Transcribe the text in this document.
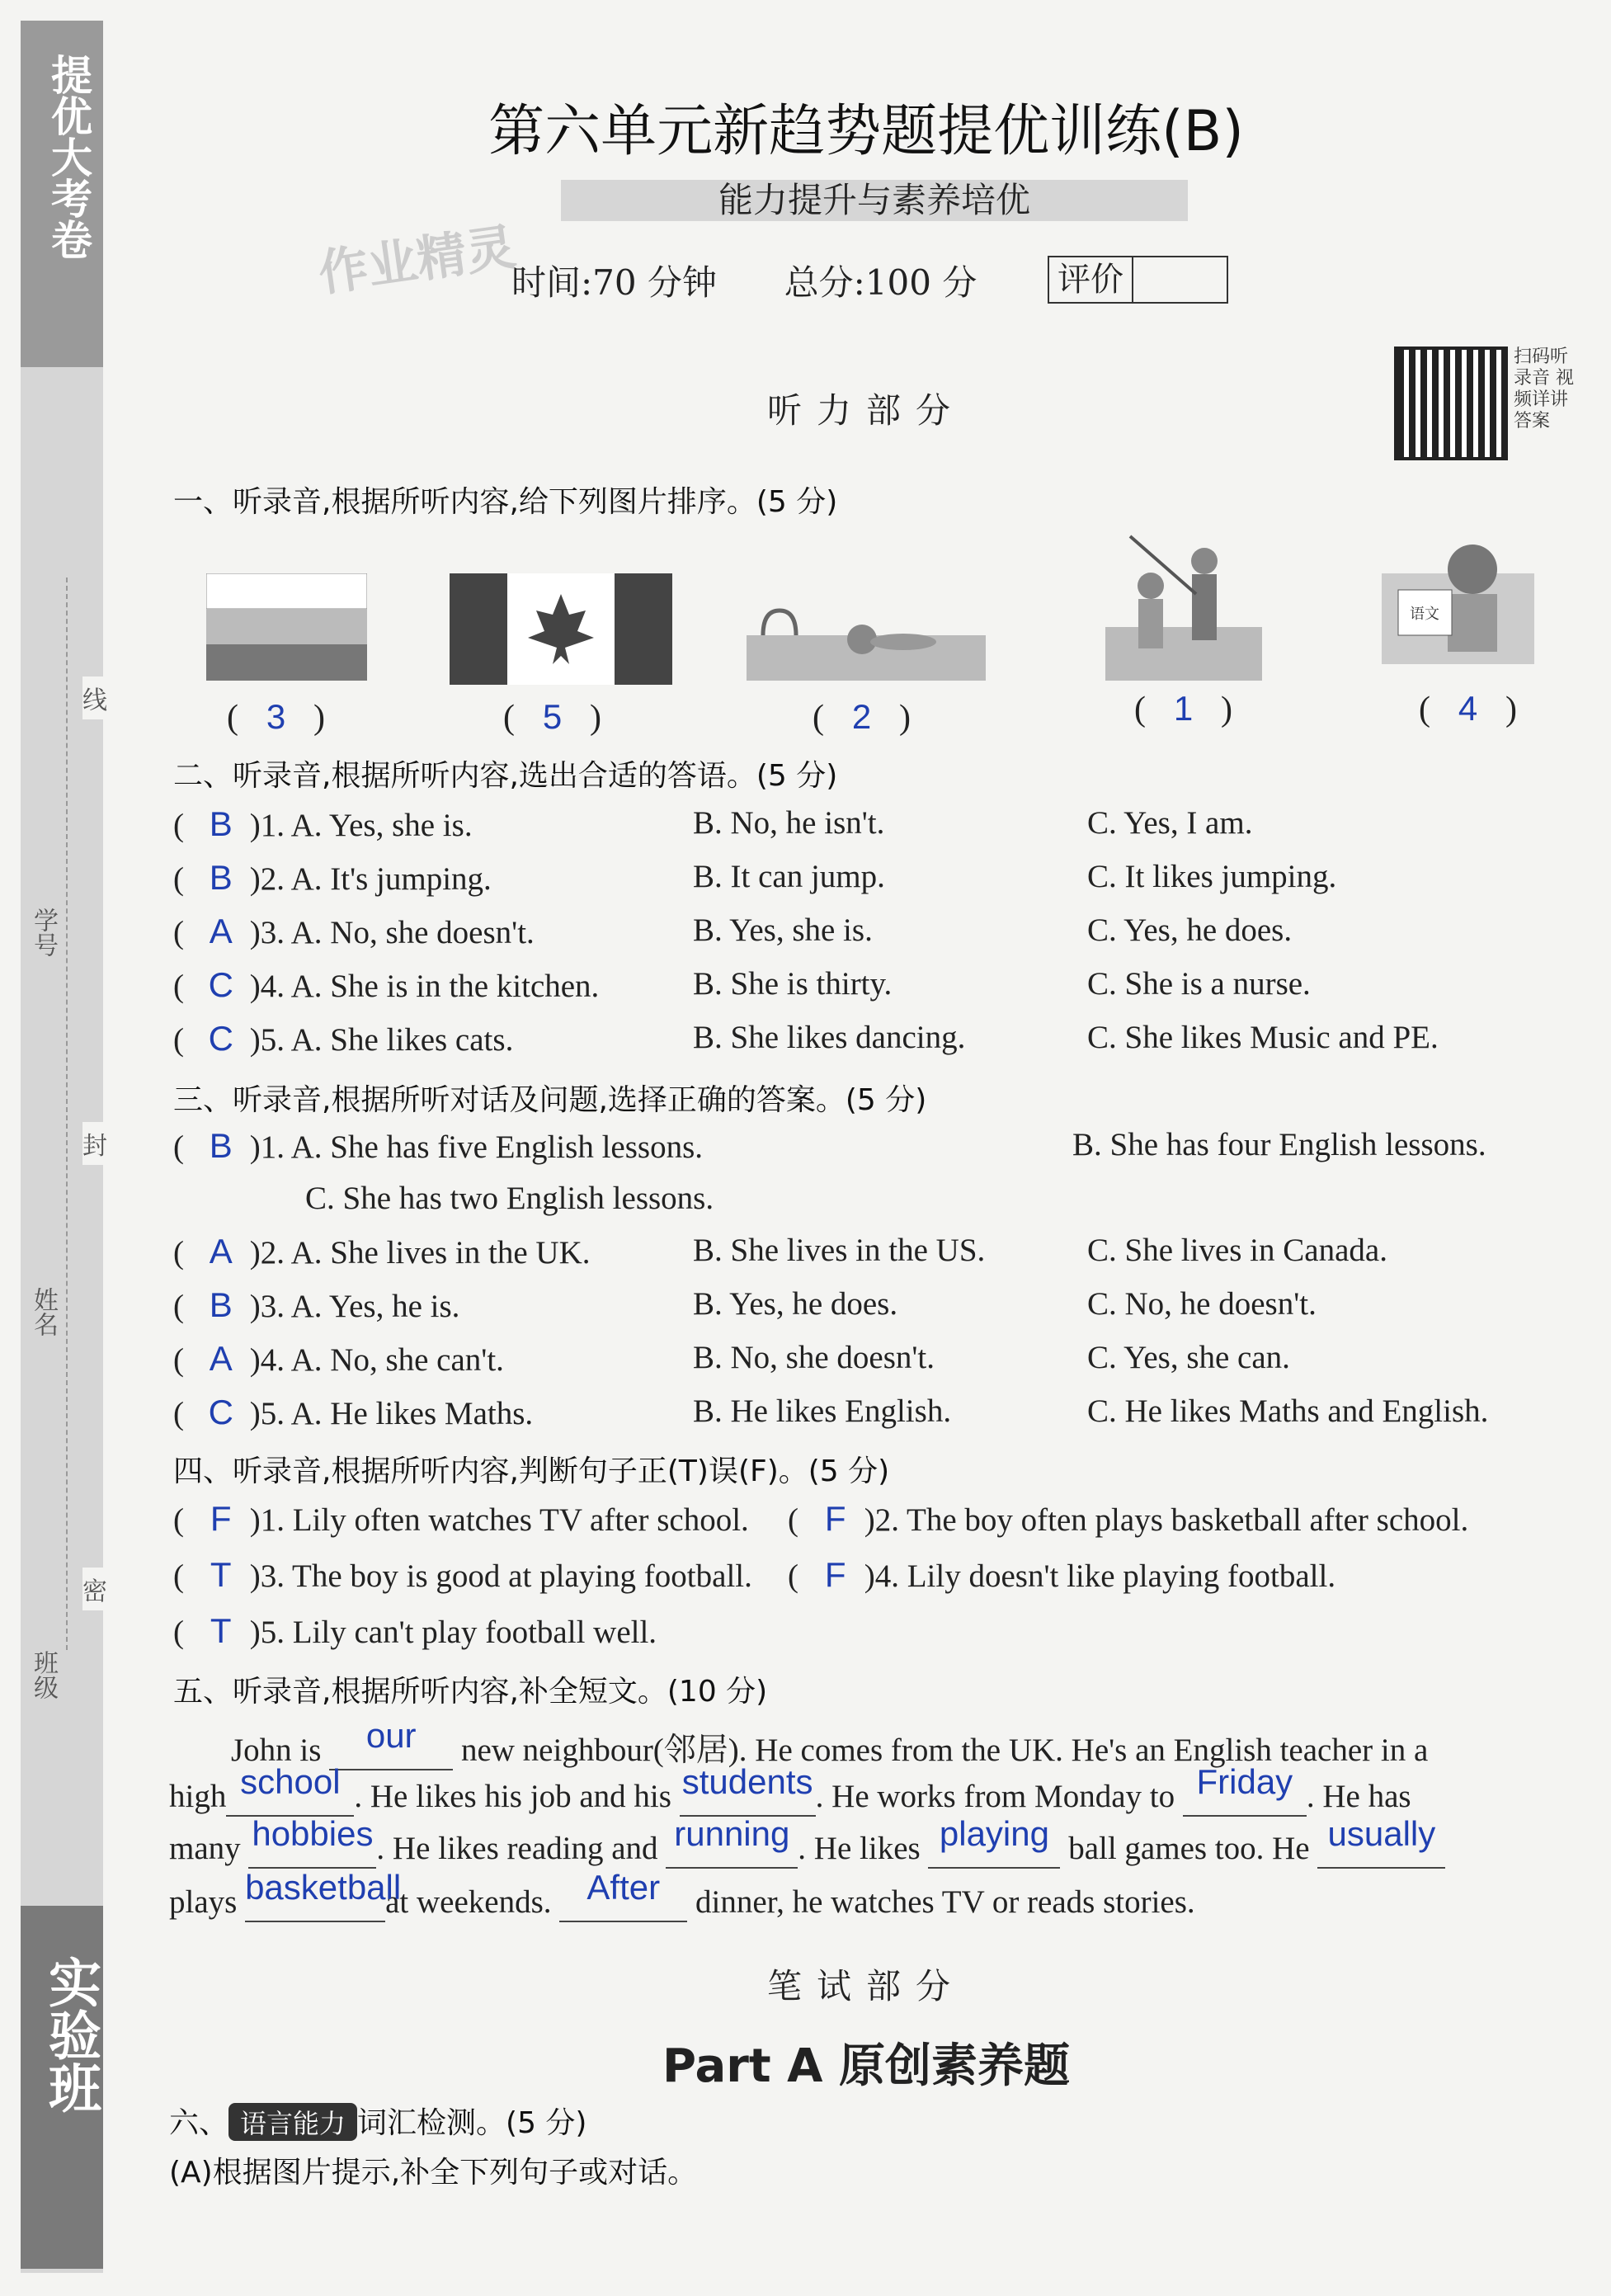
提优大考卷
实验班
线
封
密
学号
姓名
班级
第六单元新趋势题提优训练(B)
能力提升与素养培优
作业精灵
时间:70 分钟 总分:100 分	评价
扫码听录音 视频详讲答案
听力部分
一、听录音,根据所听内容,给下列图片排序。(5 分)
语文
( 3 )	( 5 )	( 2 )	( 1 )	( 4 )
二、听录音,根据所听内容,选出合适的答语。(5 分)
( B )1. A. Yes, she is.	B. No, he isn't.	C. Yes, I am.
( B )2. A. It's jumping.	B. It can jump.	C. It likes jumping.
( A )3. A. No, she doesn't.	B. Yes, she is.	C. Yes, he does.
( C )4. A. She is in the kitchen.	B. She is thirty.	C. She is a nurse.
( C )5. A. She likes cats.	B. She likes dancing.	C. She likes Music and PE.
三、听录音,根据所听对话及问题,选择正确的答案。(5 分)
( B )1. A. She has five English lessons.	B. She has four English lessons.
C. She has two English lessons.
( A )2. A. She lives in the UK.	B. She lives in the US.	C. She lives in Canada.
( B )3. A. Yes, he is.	B. Yes, he does.	C. No, he doesn't.
( A )4. A. No, she can't.	B. No, she doesn't.	C. Yes, she can.
( C )5. A. He likes Maths.	B. He likes English.	C. He likes Maths and English.
四、听录音,根据所听内容,判断句子正(T)误(F)。(5 分)
( F )1. Lily often watches TV after school. ( F )2. The boy often plays basketball after school.
( T )3. The boy is good at playing football. ( F )4. Lily doesn't like playing football.
( T )5. Lily can't play football well.
五、听录音,根据所听内容,补全短文。(10 分)
John is our new neighbour(邻居). He comes from the UK. He's an English teacher in a
high school . He likes his job and his students. He works from Monday to Friday . He has
many hobbies . He likes reading and running . He likes playing ball games too. He usually
plays basketballat weekends. After dinner, he watches TV or reads stories.
笔试部分
Part A 原创素养题
六、 语言能力 词汇检测。(5 分)
(A)根据图片提示,补全下列句子或对话。
